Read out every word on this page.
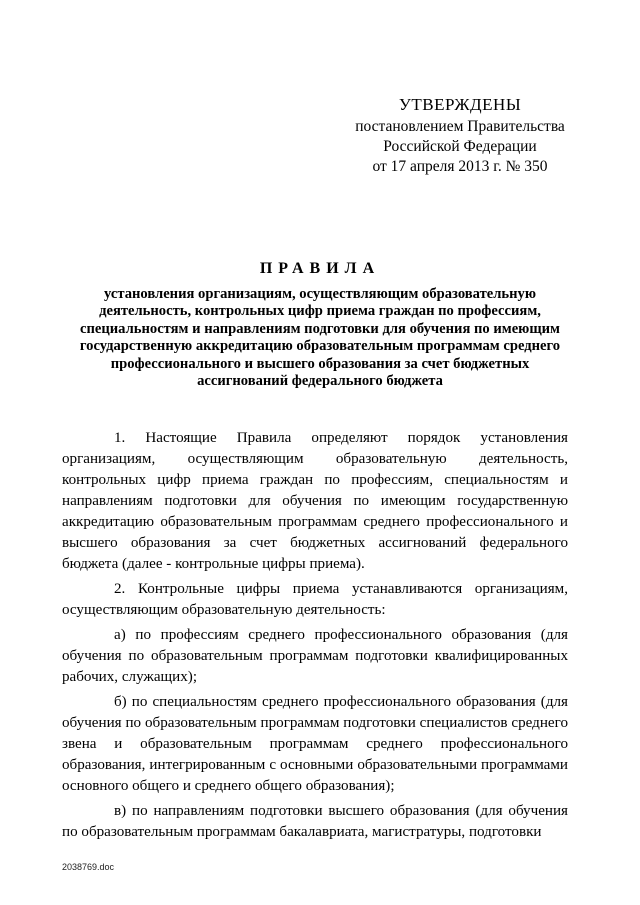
УТВЕРЖДЕНЫ
постановлением Правительства
Российской Федерации
от 17 апреля 2013 г. № 350
ПРАВИЛА
установления организациям, осуществляющим образовательную деятельность, контрольных цифр приема граждан по профессиям, специальностям и направлениям подготовки для обучения по имеющим государственную аккредитацию образовательным программам среднего профессионального и высшего образования за счет бюджетных ассигнований федерального бюджета

1. Настоящие Правила определяют порядок установления организациям, осуществляющим образовательную деятельность, контрольных цифр приема граждан по профессиям, специальностям и направлениям подготовки для обучения по имеющим государственную аккредитацию образовательным программам среднего профессионального и высшего образования за счет бюджетных ассигнований федерального бюджета (далее - контрольные цифры приема).

2. Контрольные цифры приема устанавливаются организациям, осуществляющим образовательную деятельность:

а) по профессиям среднего профессионального образования (для обучения по образовательным программам подготовки квалифицированных рабочих, служащих);

б) по специальностям среднего профессионального образования (для обучения по образовательным программам подготовки специалистов среднего звена и образовательным программам среднего профессионального образования, интегрированным с основными образовательными программами основного общего и среднего общего образования);

в) по направлениям подготовки высшего образования (для обучения по образовательным программам бакалавриата, магистратуры, подготовки

2038769.doc
